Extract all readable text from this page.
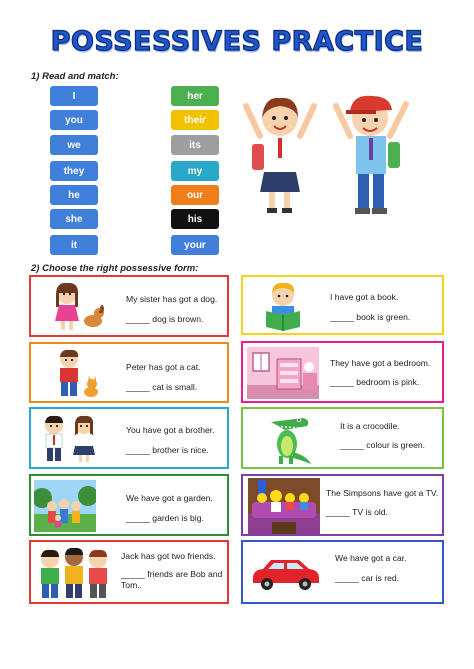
POSSESSIVES PRACTICE
1) Read and match:
I
you
we
they
he
she
it
her
their
its
my
our
his
your
2) Choose the right possessive form:
My sister has got a dog.
_____ dog is brown.
I have got a book.
_____ book is green.
Peter has got a cat.
_____ cat is small.
They have got a bedroom.
_____ bedroom is pink.
You have got a brother.
_____ brother is nice.
It is a crocodile.
_____ colour is green.
We have got a garden.
_____ garden is big.
The Simpsons have got a TV.
_____ TV is old.
Jack has got two friends.
_____ friends are Bob and Tom..
We have got a car.
_____ car is red.
